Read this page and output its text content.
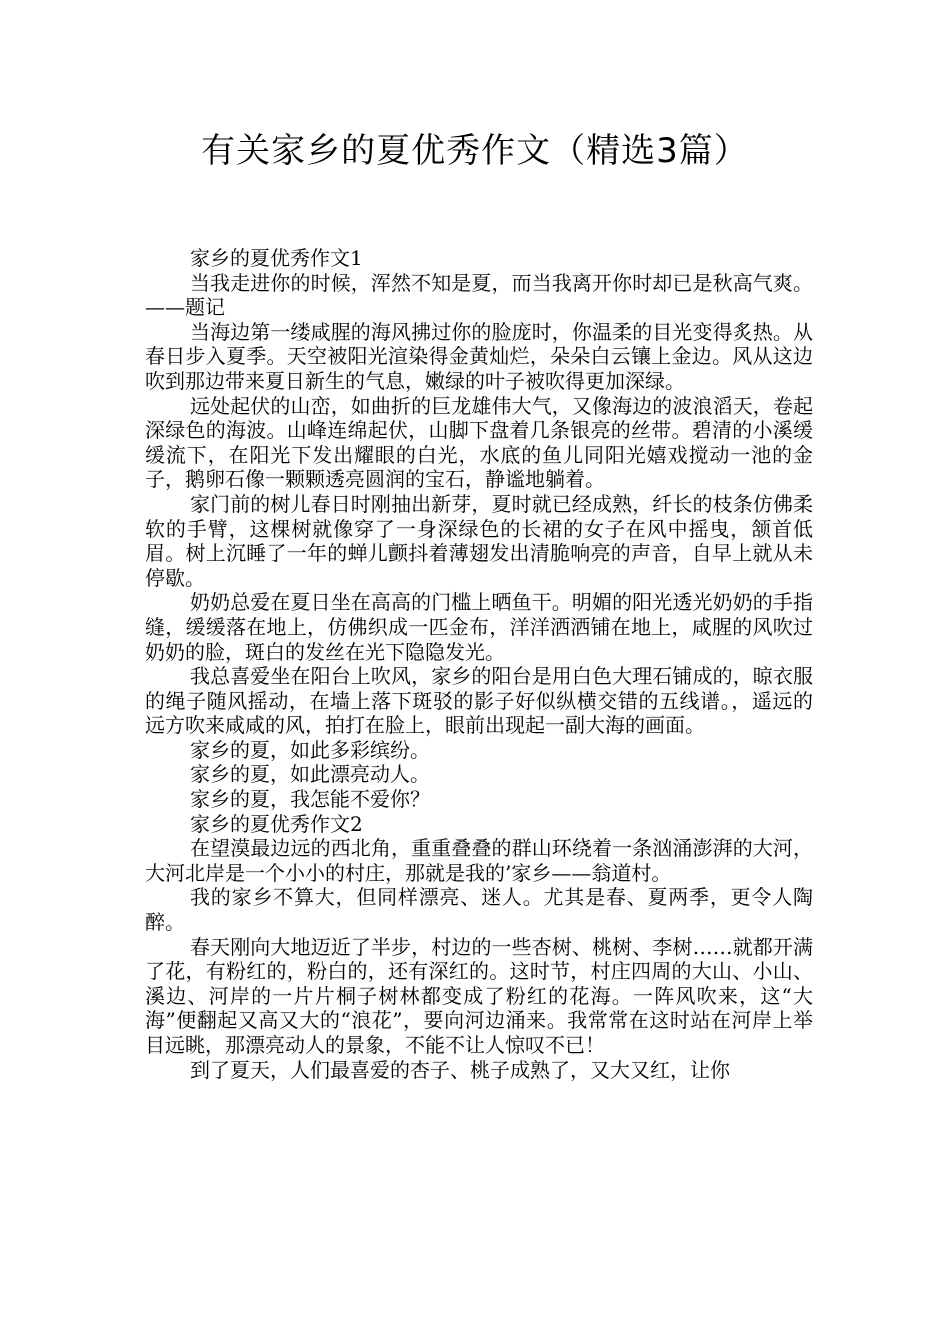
有关家乡的夏优秀作文（精选3篇）

家乡的夏优秀作文1

当我走进你的时候，浑然不知是夏，而当我离开你时却已是秋高气爽。——题记

当海边第一缕咸腥的海风拂过你的脸庞时，你温柔的目光变得炙热。从春日步入夏季。天空被阳光渲染得金黄灿烂，朵朵白云镶上金边。风从这边吹到那边带来夏日新生的气息，嫩绿的叶子被吹得更加深绿。

远处起伏的山峦，如曲折的巨龙雄伟大气，又像海边的波浪滔天，卷起深绿色的海波。山峰连绵起伏，山脚下盘着几条银亮的丝带。碧清的小溪缓缓流下，在阳光下发出耀眼的白光，水底的鱼儿同阳光嬉戏搅动一池的金子，鹅卵石像一颗颗透亮圆润的宝石，静谧地躺着。

家门前的树儿春日时刚抽出新芽，夏时就已经成熟，纤长的枝条仿佛柔软的手臂，这棵树就像穿了一身深绿色的长裙的女子在风中摇曳，颔首低眉。树上沉睡了一年的蝉儿颤抖着薄翅发出清脆响亮的声音，自早上就从未停歇。

奶奶总爱在夏日坐在高高的门槛上晒鱼干。明媚的阳光透光奶奶的手指缝，缓缓落在地上，仿佛织成一匹金布，洋洋洒洒铺在地上，咸腥的风吹过奶奶的脸，斑白的发丝在光下隐隐发光。

我总喜爱坐在阳台上吹风，家乡的阳台是用白色大理石铺成的，晾衣服的绳子随风摇动，在墙上落下斑驳的影子好似纵横交错的五线谱。，遥远的远方吹来咸咸的风，拍打在脸上，眼前出现起一副大海的画面。

家乡的夏，如此多彩缤纷。

家乡的夏，如此漂亮动人。

家乡的夏，我怎能不爱你？

家乡的夏优秀作文2

在望漠最边远的西北角，重重叠叠的群山环绕着一条汹涌澎湃的大河，大河北岸是一个小小的村庄，那就是我的’家乡——翁道村。

我的家乡不算大，但同样漂亮、迷人。尤其是春、夏两季，更令人陶醉。

春天刚向大地迈近了半步，村边的一些杏树、桃树、李树……就都开满了花，有粉红的，粉白的，还有深红的。这时节，村庄四周的大山、小山、溪边、河岸的一片片桐子树林都变成了粉红的花海。一阵风吹来，这“大海”便翻起又高又大的“浪花”，要向河边涌来。我常常在这时站在河岸上举目远眺，那漂亮动人的景象，不能不让人惊叹不已！

到了夏天，人们最喜爱的杏子、桃子成熟了，又大又红，让你
